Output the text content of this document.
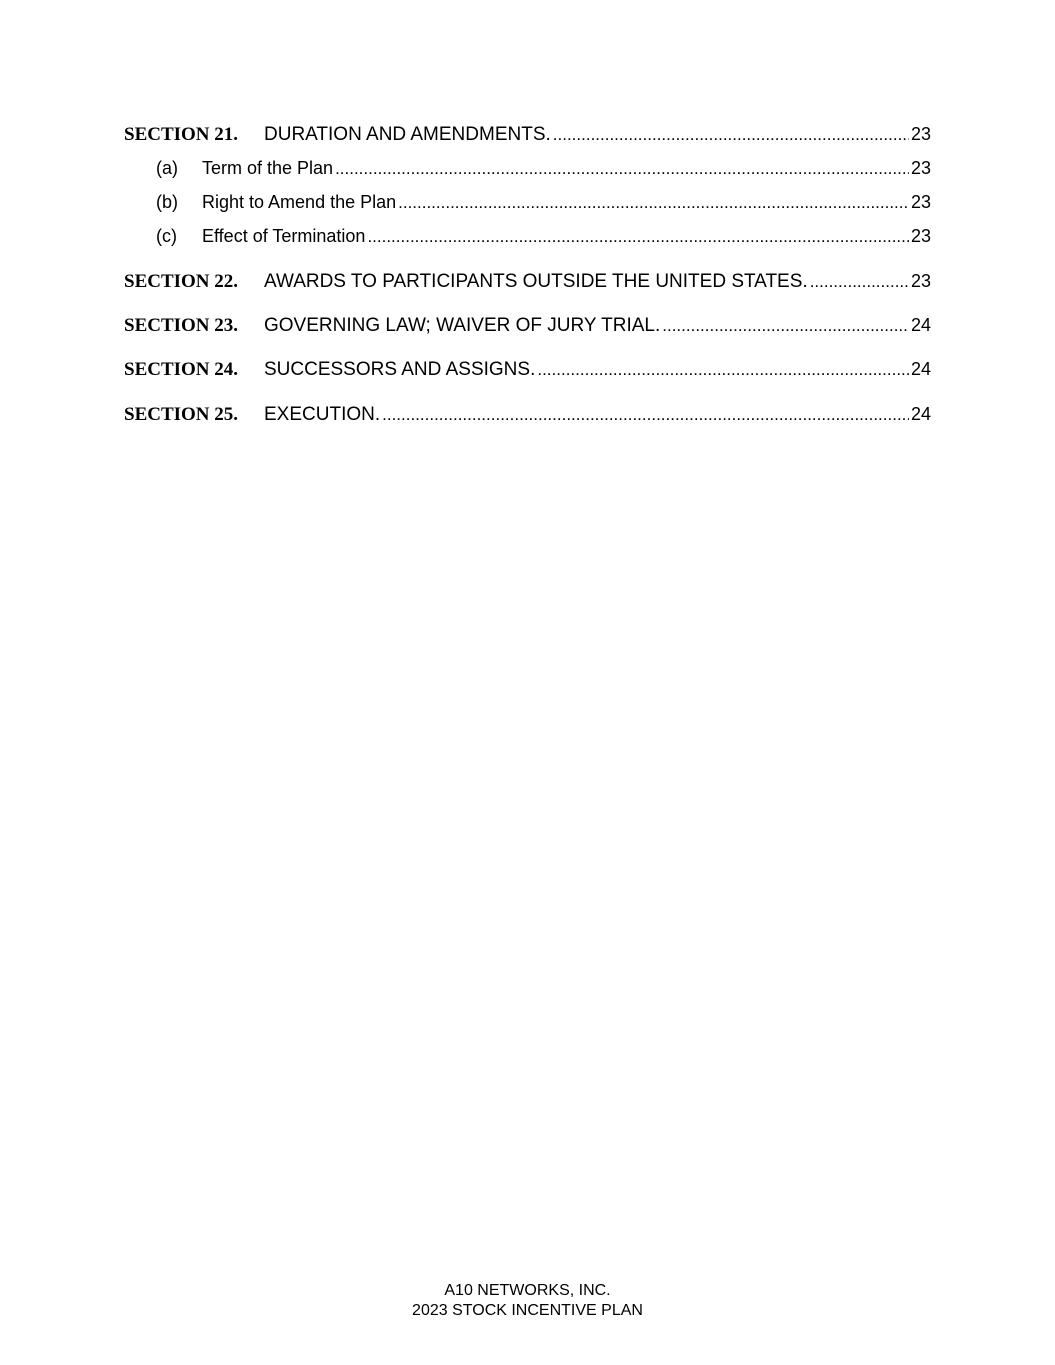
SECTION 21.	DURATION AND AMENDMENTS. .....	23
(a)	Term of the Plan .....	23
(b)	Right to Amend the Plan .....	23
(c)	Effect of Termination .....	23
SECTION 22.	AWARDS TO PARTICIPANTS OUTSIDE THE UNITED STATES. .....	23
SECTION 23.	GOVERNING LAW; WAIVER OF JURY TRIAL. .....	24
SECTION 24.	SUCCESSORS AND ASSIGNS. .....	24
SECTION 25.	EXECUTION. .....	24
A10 NETWORKS, INC.
2023 STOCK INCENTIVE PLAN
